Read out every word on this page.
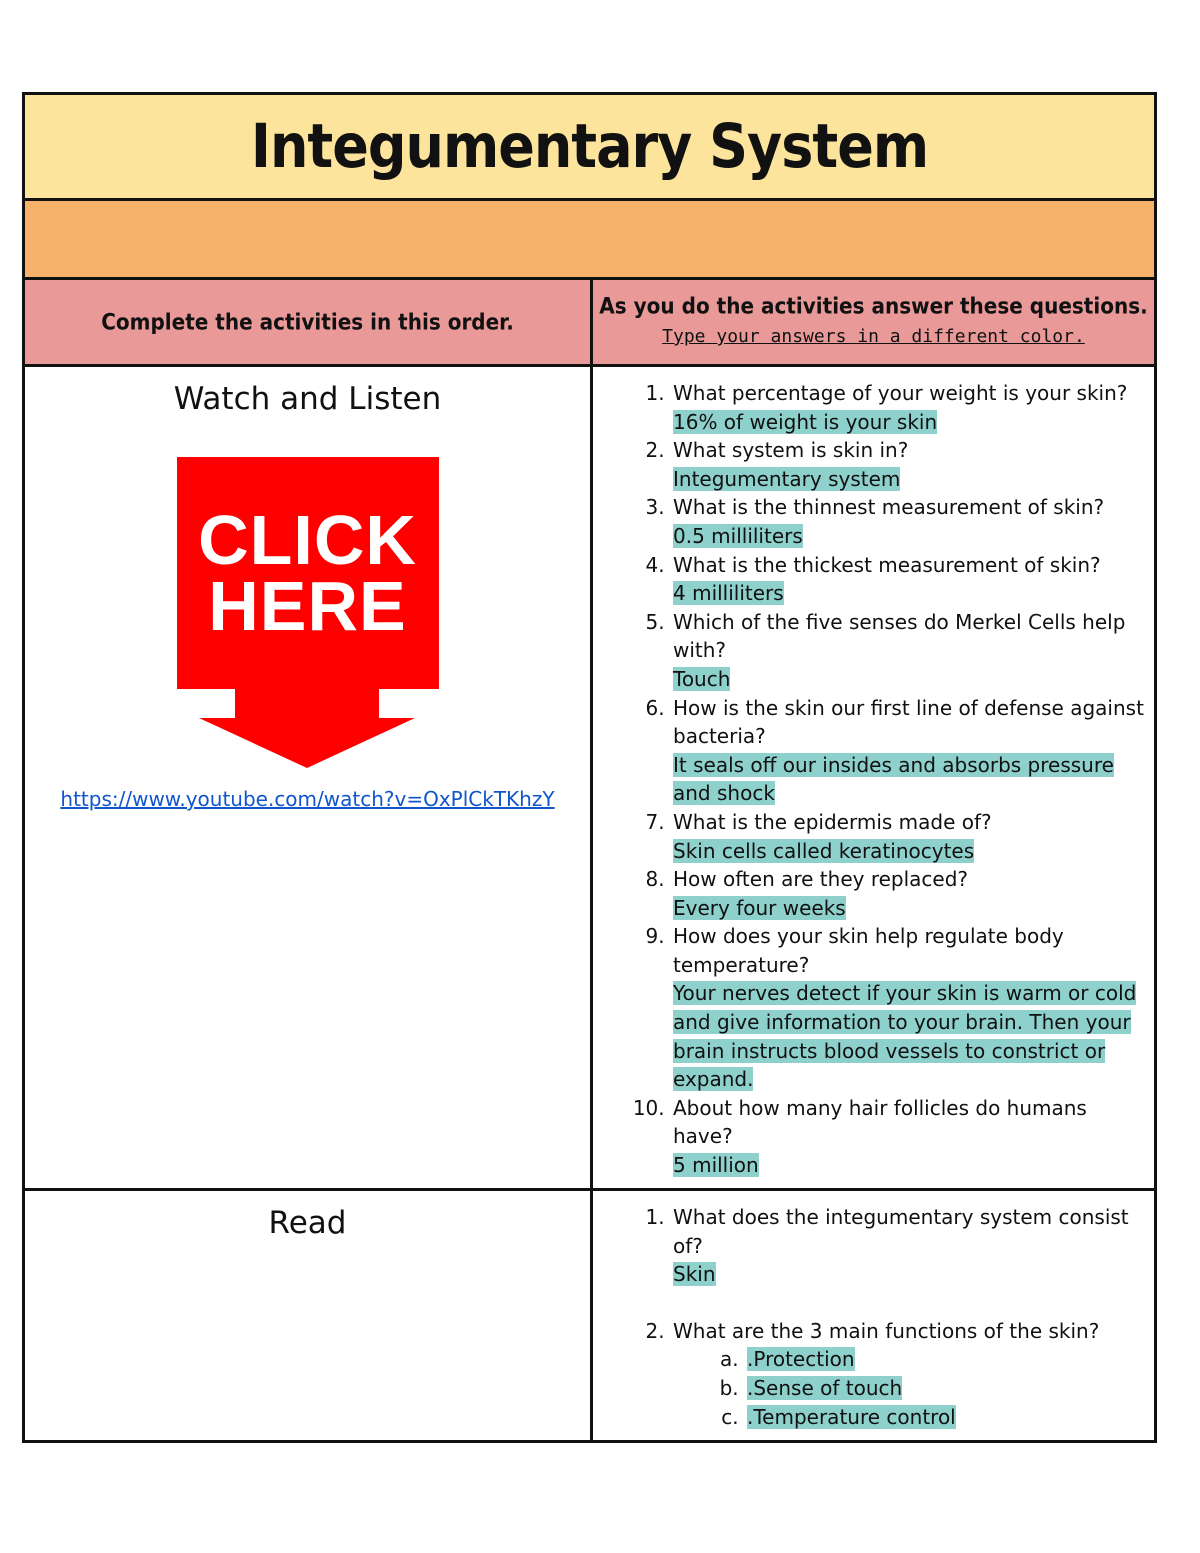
Integumentary System
Complete the activities in this order.
As you do the activities answer these questions.
Type your answers in a different color.
Watch and Listen
CLICK
HERE
https://www.youtube.com/watch?v=OxPlCkTKhzY
1. What percentage of your weight is your skin?
16% of weight is your skin
2. What system is skin in?
Integumentary system
3. What is the thinnest measurement of skin?
0.5 milliliters
4. What is the thickest measurement of skin?
4 milliliters
5. Which of the five senses do Merkel Cells help with?
Touch
6. How is the skin our first line of defense against bacteria?
It seals off our insides and absorbs pressure and shock
7. What is the epidermis made of?
Skin cells called keratinocytes
8. How often are they replaced?
Every four weeks
9. How does your skin help regulate body temperature?
Your nerves detect if your skin is warm or cold and give information to your brain. Then your brain instructs blood vessels to constrict or expand.
10. About how many hair follicles do humans have?
5 million
Read
1.	What does the integumentary system consist of?
Skin
2. What are the 3 main functions of the skin?
a. .Protection
b. .Sense of touch
c. .Temperature control
